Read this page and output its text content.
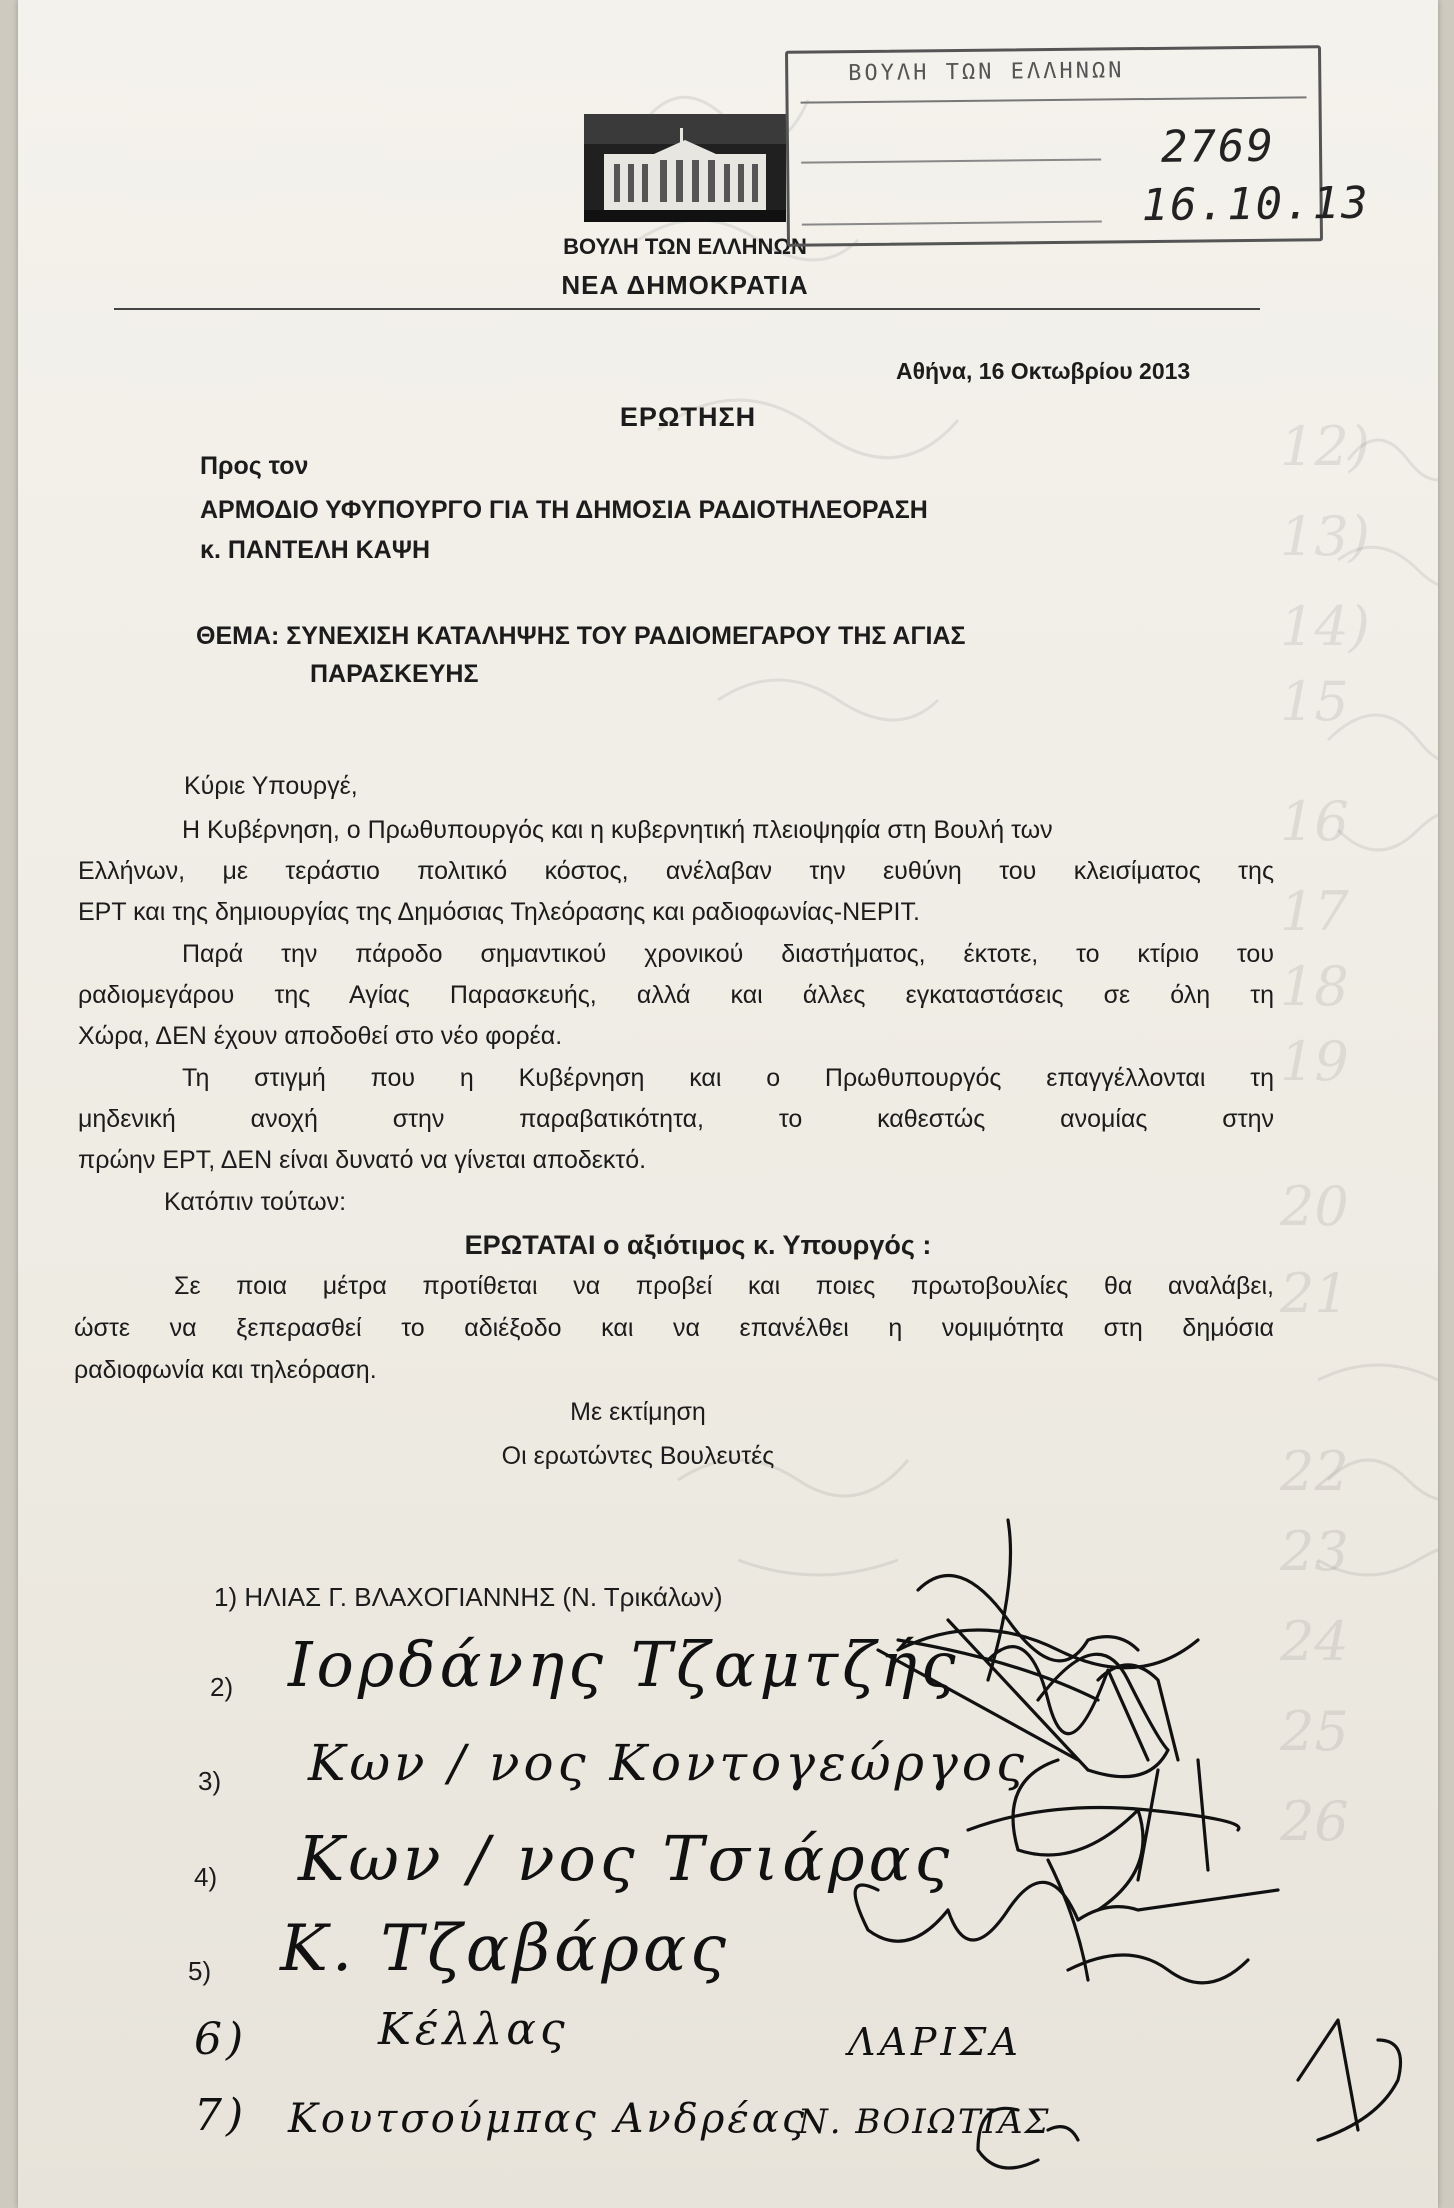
12)
13)
14)
15
16
17
18
19
20
21
22
23
24
25
26
ΒΟΥΛΗ ΤΩΝ ΕΛΛΗΝΩΝ
ΝΕΑ ΔΗΜΟΚΡΑΤΙΑ
ΒΟΥΛΗ ΤΩΝ ΕΛΛΗΝΩΝ
2769
16.10.13
Αθήνα, 16 Οκτωβρίου 2013
ΕΡΩΤΗΣΗ
Προς τον
ΑΡΜΟΔΙΟ ΥΦΥΠΟΥΡΓΟ ΓΙΑ ΤΗ ΔΗΜΟΣΙΑ ΡΑΔΙΟΤΗΛΕΟΡΑΣΗ
κ. ΠΑΝΤΕΛΗ ΚΑΨΗ
ΘΕΜΑ: ΣΥΝΕΧΙΣΗ ΚΑΤΑΛΗΨΗΣ ΤΟΥ ΡΑΔΙΟΜΕΓΑΡΟΥ ΤΗΣ ΑΓΙΑΣ
ΠΑΡΑΣΚΕΥΗΣ
Κύριε Υπουργέ,
Η Κυβέρνηση, ο Πρωθυπουργός και η κυβερνητική πλειοψηφία στη Βουλή των
Ελλήνων, με τεράστιο πολιτικό κόστος, ανέλαβαν την ευθύνη του κλεισίματος της
ΕΡΤ και της δημιουργίας της Δημόσιας Τηλεόρασης και ραδιοφωνίας-ΝΕΡΙΤ.
Παρά την πάροδο σημαντικού χρονικού διαστήματος, έκτοτε, το κτίριο του
ραδιομεγάρου της Αγίας Παρασκευής, αλλά και άλλες εγκαταστάσεις σε όλη τη
Χώρα, ΔΕΝ έχουν αποδοθεί στο νέο φορέα.
Τη στιγμή που η Κυβέρνηση και ο Πρωθυπουργός επαγγέλλονται τη
μηδενική ανοχή στην παραβατικότητα, το καθεστώς ανομίας στην
πρώην ΕΡΤ, ΔΕΝ είναι δυνατό να γίνεται αποδεκτό.
Κατόπιν τούτων:
ΕΡΩΤΑΤΑΙ ο αξιότιμος κ. Υπουργός :
Σε ποια μέτρα προτίθεται να προβεί και ποιες πρωτοβουλίες θα αναλάβει,
ώστε να ξεπερασθεί το αδιέξοδο και να επανέλθει η νομιμότητα στη δημόσια
ραδιοφωνία και τηλεόραση.
Με εκτίμηση
Οι ερωτώντες Βουλευτές
1) ΗΛΙΑΣ Γ. ΒΛΑΧΟΓΙΑΝΝΗΣ (Ν. Τρικάλων)
2) Ιορδάνης Τζαμτζής
3) Κων / νος Κοντογεώργος
4) Κων / νος Τσιάρας
5) Κ. Τζαβάρας
6)	Κέλλας	ΛΑΡΙΣΑ
7) Κουτσούμπας Ανδρέας
Ν. ΒΟΙΩΤΙΑΣ
